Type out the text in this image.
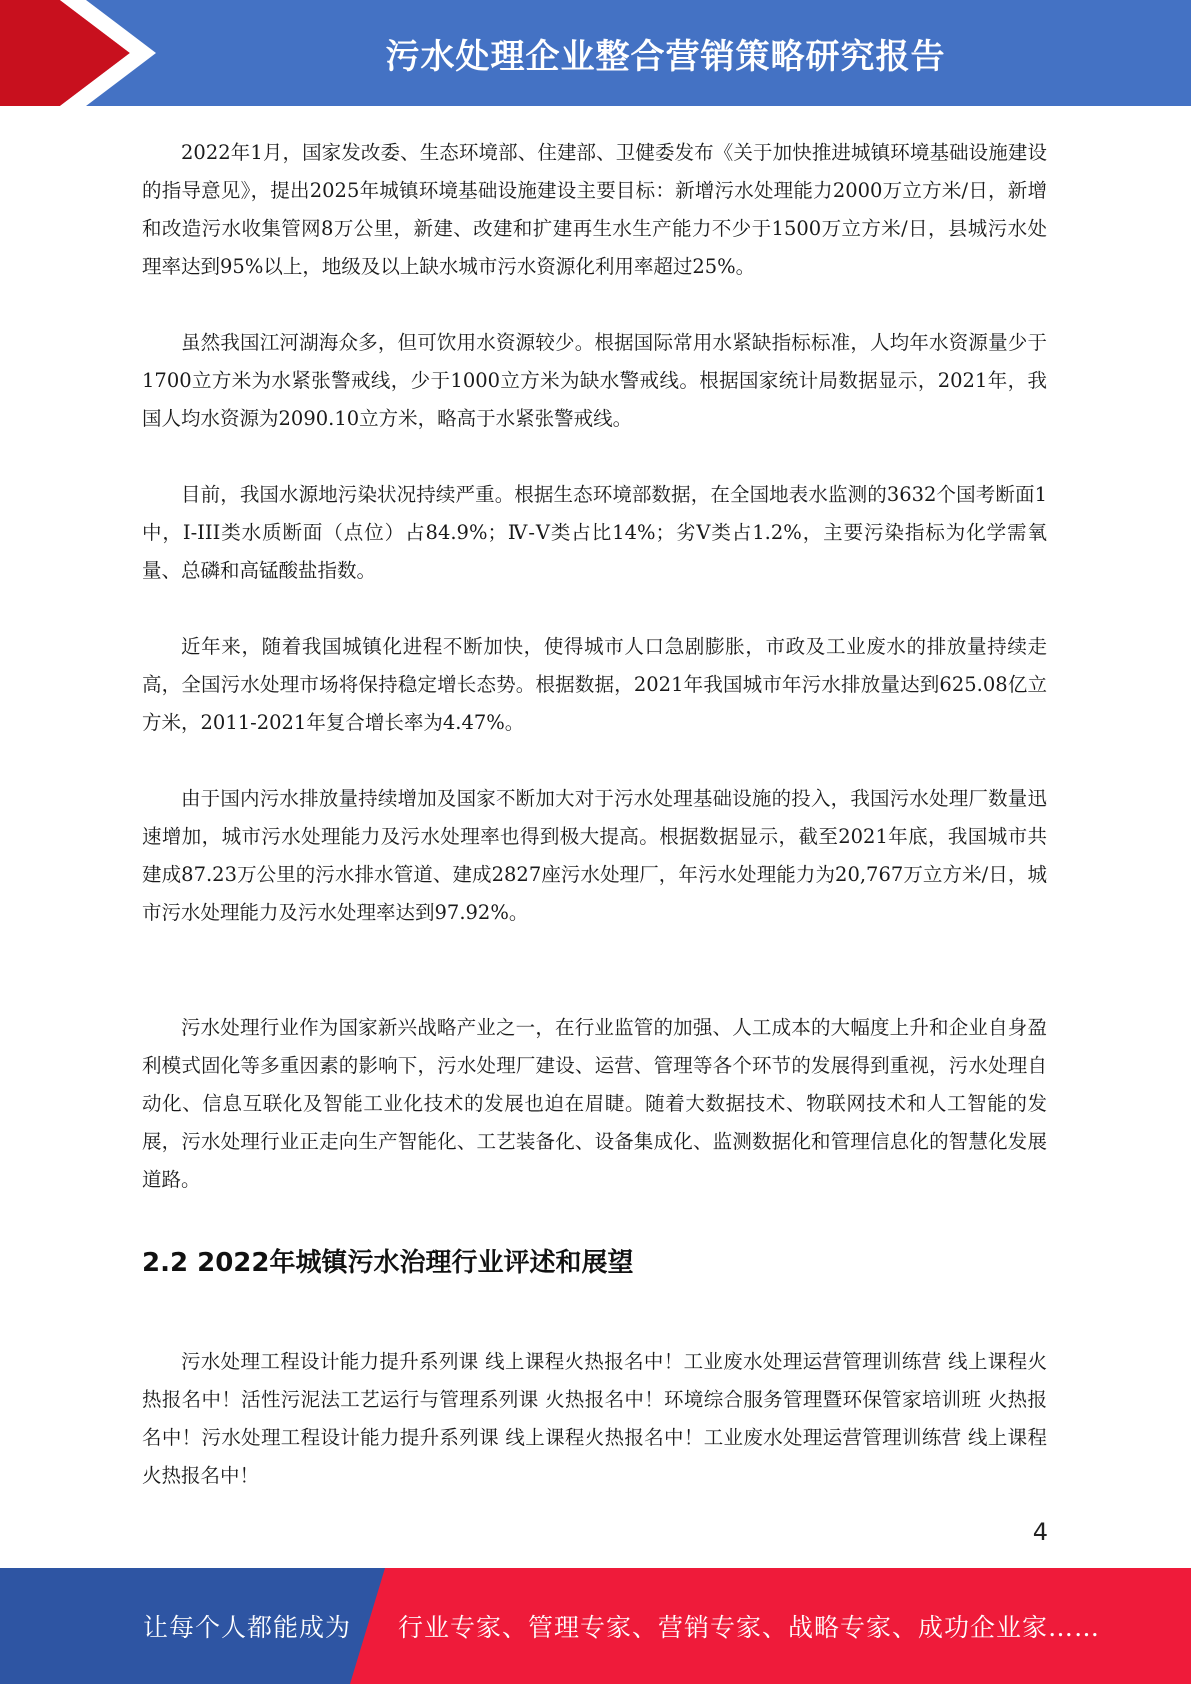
污水处理企业整合营销策略研究报告

2022年1月，国家发改委、生态环境部、住建部、卫健委发布《关于加快推进城镇环境基础设施建设的指导意见》，提出2025年城镇环境基础设施建设主要目标：新增污水处理能力2000万立方米/日，新增和改造污水收集管网8万公里，新建、改建和扩建再生水生产能力不少于1500万立方米/日，县城污水处理率达到95%以上，地级及以上缺水城市污水资源化利用率超过25%。

虽然我国江河湖海众多，但可饮用水资源较少。根据国际常用水紧缺指标标准，人均年水资源量少于1700立方米为水紧张警戒线，少于1000立方米为缺水警戒线。根据国家统计局数据显示，2021年，我国人均水资源为2090.10立方米，略高于水紧张警戒线。

目前，我国水源地污染状况持续严重。根据生态环境部数据，在全国地表水监测的3632个国考断面1中，I-III类水质断面（点位）占84.9%；Ⅳ-Ⅴ类占比14%；劣Ⅴ类占1.2%，主要污染指标为化学需氧量、总磷和高锰酸盐指数。

近年来，随着我国城镇化进程不断加快，使得城市人口急剧膨胀，市政及工业废水的排放量持续走高，全国污水处理市场将保持稳定增长态势。根据数据，2021年我国城市年污水排放量达到625.08亿立方米，2011-2021年复合增长率为4.47%。

由于国内污水排放量持续增加及国家不断加大对于污水处理基础设施的投入，我国污水处理厂数量迅速增加，城市污水处理能力及污水处理率也得到极大提高。根据数据显示，截至2021年底，我国城市共建成87.23万公里的污水排水管道、建成2827座污水处理厂，年污水处理能力为20,767万立方米/日，城市污水处理能力及污水处理率达到97.92%。

污水处理行业作为国家新兴战略产业之一，在行业监管的加强、人工成本的大幅度上升和企业自身盈利模式固化等多重因素的影响下，污水处理厂建设、运营、管理等各个环节的发展得到重视，污水处理自动化、信息互联化及智能工业化技术的发展也迫在眉睫。随着大数据技术、物联网技术和人工智能的发展，污水处理行业正走向生产智能化、工艺装备化、设备集成化、监测数据化和管理信息化的智慧化发展道路。

2.2 2022年城镇污水治理行业评述和展望

污水处理工程设计能力提升系列课 线上课程火热报名中！工业废水处理运营管理训练营 线上课程火热报名中！活性污泥法工艺运行与管理系列课 火热报名中！环境综合服务管理暨环保管家培训班 火热报名中！污水处理工程设计能力提升系列课 线上课程火热报名中！工业废水处理运营管理训练营 线上课程火热报名中！

4
让每个人都能成为 行业专家、管理专家、营销专家、战略专家、成功企业家……
